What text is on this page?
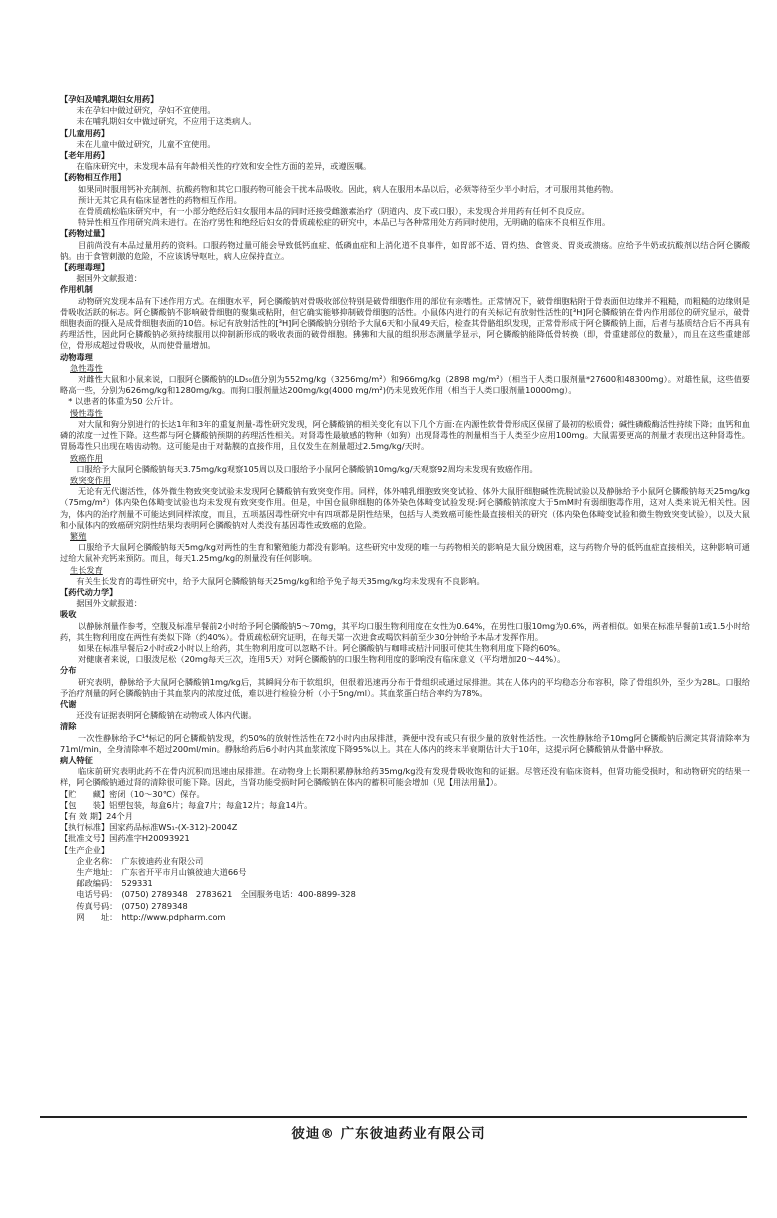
【孕妇及哺乳期妇女用药】
　　未在孕妇中做过研究，孕妇不宜使用。
　　未在哺乳期妇女中做过研究，不应用于这类病人。
【儿童用药】
　　未在儿童中做过研究，儿童不宜使用。
【老年用药】
　　在临床研究中，未发现本品有年龄相关性的疗效和安全性方面的差异，或遵医嘱。
【药物相互作用】
如果同时服用钙补充制剂、抗酸药物和其它口服药物可能会干扰本品吸收。因此，病人在服用本品以后，必须等待至少半小时后，才可服用其他药物。
预计无其它具有临床显著性的药物相互作用。
在骨质疏松临床研究中，有一小部分绝经后妇女服用本品的同时还接受雌激素治疗（阴道内、皮下或口服），未发现合并用药有任何不良反应。
特异性相互作用研究尚未进行。在治疗男性和绝经后妇女的骨质疏松症的研究中，本品已与各种常用处方药同时使用，无明确的临床不良相互作用。
【药物过量】
目前尚没有本品过量用药的资料。口服药物过量可能会导致低钙血症、低磷血症和上消化道不良事件，如胃部不适、胃灼热、食管炎、胃炎或溃疡。应给予牛奶或抗酸剂以结合阿仑膦酸钠。由于食管刺激的危险，不应该诱导呕吐，病人应保持直立。
【药理毒理】
　　据国外文献报道：
作用机制
动物研究发现本品有下述作用方式。在细胞水平，阿仑膦酸钠对骨吸收部位特别是破骨细胞作用的部位有亲嗜性。正常情况下，破骨细胞粘附于骨表面但边缘并不粗糙，而粗糙的边缘则是骨吸收活跃的标志。阿仑膦酸钠不影响破骨细胞的聚集或粘附，但它确实能够抑制破骨细胞的活性。小鼠体内进行的有关标记有放射性活性的[³H]阿仑膦酸钠在骨内作用部位的研究显示，破骨细胞表面的摄入是成骨细胞表面的10倍。标记有放射活性的[³H]阿仑膦酸钠分别给予大鼠6天和小鼠49天后，检查其骨骼组织发现，正常骨形成于阿仑膦酸钠上面，后者与基质结合后不再具有药理活性，因此阿仑膦酸钠必须持续服用以抑制新形成的吸收表面的破骨细胞。狒狒和大鼠的组织形态测量学显示，阿仑膦酸钠能降低骨转换（即，骨重建部位的数量），而且在这些重建部位，骨形成超过骨吸收，从而使骨量增加。
动物毒理
急性毒性
对雌性大鼠和小鼠来说，口服阿仑膦酸钠的LD₅₀值分别为552mg/kg（3256mg/m²）和966mg/kg（2898 mg/m²）（相当于人类口服剂量*27600和48300mg）。对雄性鼠，这些值要略高一些，分别为626mg/kg和1280mg/kg。而狗口服剂量达200mg/kg(4000 mg/m²)仍未见致死作用（相当于人类口服剂量10000mg）。
　* 以患者的体重为50 公斤计。
慢性毒性
对大鼠和狗分别进行的长达1年和3年的重复剂量-毒性研究发现，阿仑膦酸钠的相关变化有以下几个方面:在内源性软骨骨形成区保留了最初的松质骨；碱性磷酸酶活性持续下降；血钙和血磷的浓度一过性下降。这些都与阿仑膦酸钠预期的药理活性相关。对肾毒性最敏感的物种（如狗）出现肾毒性的剂量相当于人类至少应用100mg。大鼠需要更高的剂量才表现出这种肾毒性。胃肠毒性只出现在啮齿动物。这可能是由于对黏膜的直接作用，且仅发生在剂量超过2.5mg/kg/天时。
致癌作用
　　口服给予大鼠阿仑膦酸钠每天3.75mg/kg观察105周以及口服给予小鼠阿仑膦酸钠10mg/kg/天观察92周均未发现有致癌作用。
致突变作用
无论有无代谢活性，体外微生物致突变试验未发现阿仑膦酸钠有致突变作用。同样，体外哺乳细胞致突变试验、体外大鼠肝细胞碱性洗脱试验以及静脉给予小鼠阿仑膦酸钠每天25mg/kg（75mg/m²）体内染色体畸变试验也均未发现有致突变作用。但是，中国仓鼠卵细胞的体外染色体畸变试验发现:阿仑膦酸钠浓度大于5mM时有弱细胞毒作用，这对人类来说无相关性。因为，体内的治疗剂量不可能达到同样浓度，而且，五项基因毒性研究中有四项都是阴性结果，包括与人类致癌可能性最直接相关的研究（体内染色体畸变试验和微生物致突变试验），以及大鼠和小鼠体内的致癌研究阴性结果均表明阿仑膦酸钠对人类没有基因毒性或致癌的危险。
繁殖
口服给予大鼠阿仑膦酸钠每天5mg/kg对两性的生育和繁殖能力都没有影响。这些研究中发现的唯一与药物相关的影响是大鼠分娩困难，这与药物介导的低钙血症直接相关，这种影响可通过给大鼠补充钙来预防。而且，每天1.25mg/kg的剂量没有任何影响。
生长发育
　　有关生长发育的毒性研究中，给予大鼠阿仑膦酸钠每天25mg/kg和给予兔子每天35mg/kg均未发现有不良影响。
【药代动力学】
　　据国外文献报道：
吸收
以静脉剂量作参考，空腹及标准早餐前2小时给予阿仑膦酸钠5～70mg，其平均口服生物利用度在女性为0.64%，在男性口服10mg为0.6%，两者相似。如果在标准早餐前1或1.5小时给药，其生物利用度在两性有类似下降（约40%）。骨质疏松研究证明，在每天第一次进食或喝饮料前至少30分钟给予本品才发挥作用。
如果在标准早餐后2小时或2小时以上给药，其生物利用度可以忽略不计。阿仑膦酸钠与咖啡或桔汁同服可使其生物利用度下降约60%。
对健康者来说，口服泼尼松（20mg每天三次，连用5天）对阿仑膦酸钠的口服生物利用度的影响没有临床意义（平均增加20～44%）。
分布
研究表明，静脉给予大鼠阿仑膦酸钠1mg/kg后，其瞬间分布于软组织，但很着迅速再分布于骨组织或通过尿排泄。其在人体内的平均稳态分布容积，除了骨组织外，至少为28L。口服给予治疗剂量的阿仑膦酸钠由于其血浆内的浓度过低，难以进行检验分析（小于5ng/ml）。其血浆蛋白结合率约为78%。
代谢
　　还没有证据表明阿仑膦酸钠在动物或人体内代谢。
清除
一次性静脉给予C¹⁴标记的阿仑膦酸钠发现，约50%的放射性活性在72小时内由尿排泄，粪便中没有或只有很少量的放射性活性。一次性静脉给予10mg阿仑膦酸钠后测定其肾清除率为71ml/min，全身清除率不超过200ml/min。静脉给药后6小时内其血浆浓度下降95%以上。其在人体内的终末半衰期估计大于10年，这提示阿仑膦酸钠从骨骼中释放。
病人特征
临床前研究表明此药不在骨内沉积而迅速由尿排泄。在动物身上长期积累静脉给药35mg/kg没有发现骨吸收饱和的证据。尽管还没有临床资料，但肾功能受损时，和动物研究的结果一样，阿仑膦酸钠通过肾的清除很可能下降。因此，当肾功能受损时阿仑膦酸钠在体内的蓄积可能会增加（见【用法用量】）。
【贮　　藏】密闭（10～30℃）保存。
【包　　装】铝塑包装，每盒6片；每盒7片；每盒12片；每盒14片。
【有 效 期】24个月
【执行标准】国家药品标准WS₁-(X-312)-2004Z
【批准文号】国药准字H20093921
【生产企业】
　　企业名称：　广东彼迪药业有限公司
　　生产地址：　广东省开平市月山镇彼迪大道66号
　　邮政编码：　529331
　　电话号码：　(0750) 2789348　2783621　全国服务电话：400-8899-328
　　传真号码：　(0750) 2789348
　　网　　址：　http://www.pdpharm.com
彼迪® 广东彼迪药业有限公司
